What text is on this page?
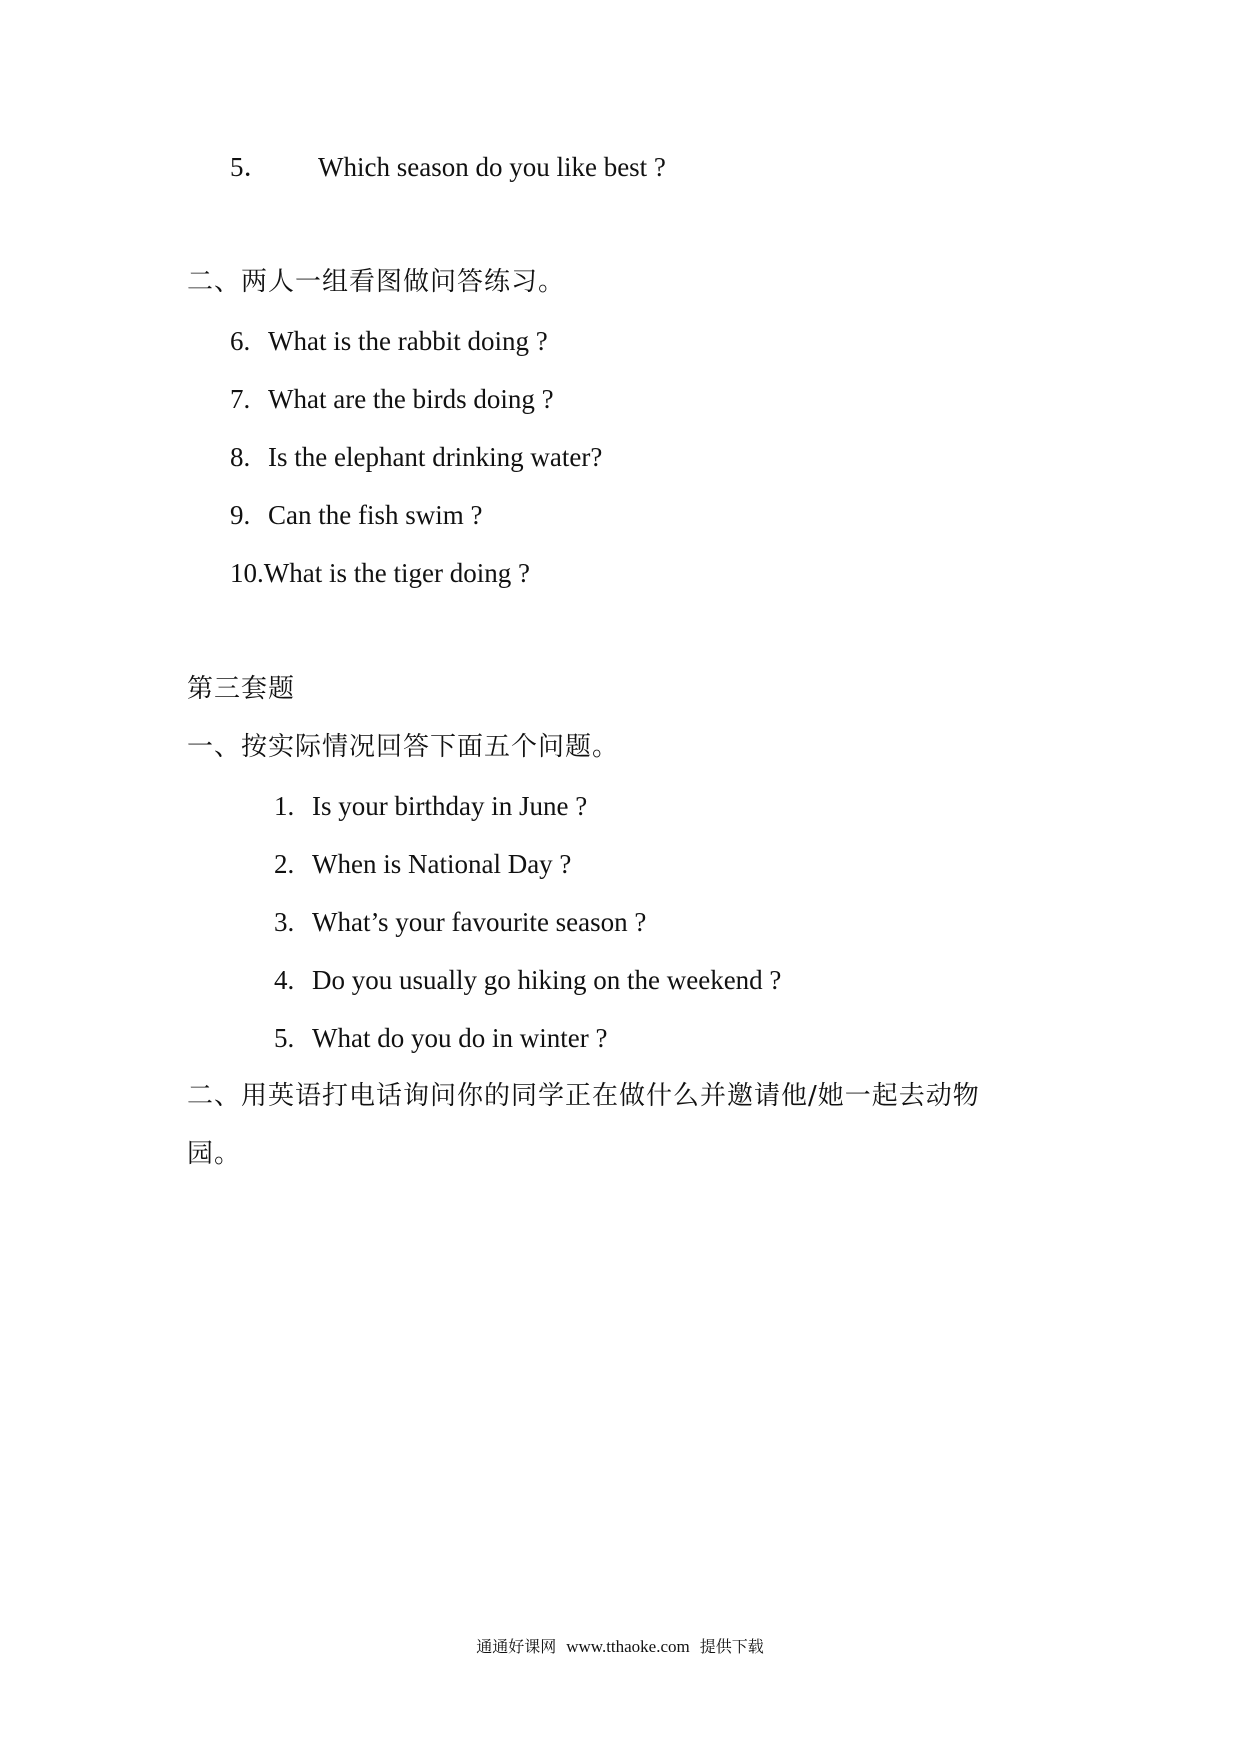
5． Which season do you like best ?
二、两人一组看图做问答练习。
6. What is the rabbit doing ?
7. What are the birds doing ?
8. Is the elephant drinking water?
9. Can the fish swim ?
10.What is the tiger doing ?
第三套题
一、按实际情况回答下面五个问题。
1. Is your birthday in June ?
2. When is National Day ?
3. What’s your favourite season ?
4. Do you usually go hiking on the weekend ?
5. What do you do in winter ?
二、用英语打电话询问你的同学正在做什么并邀请他/她一起去动物
园。
通通好课网 www.tthaoke.com 提供下载
